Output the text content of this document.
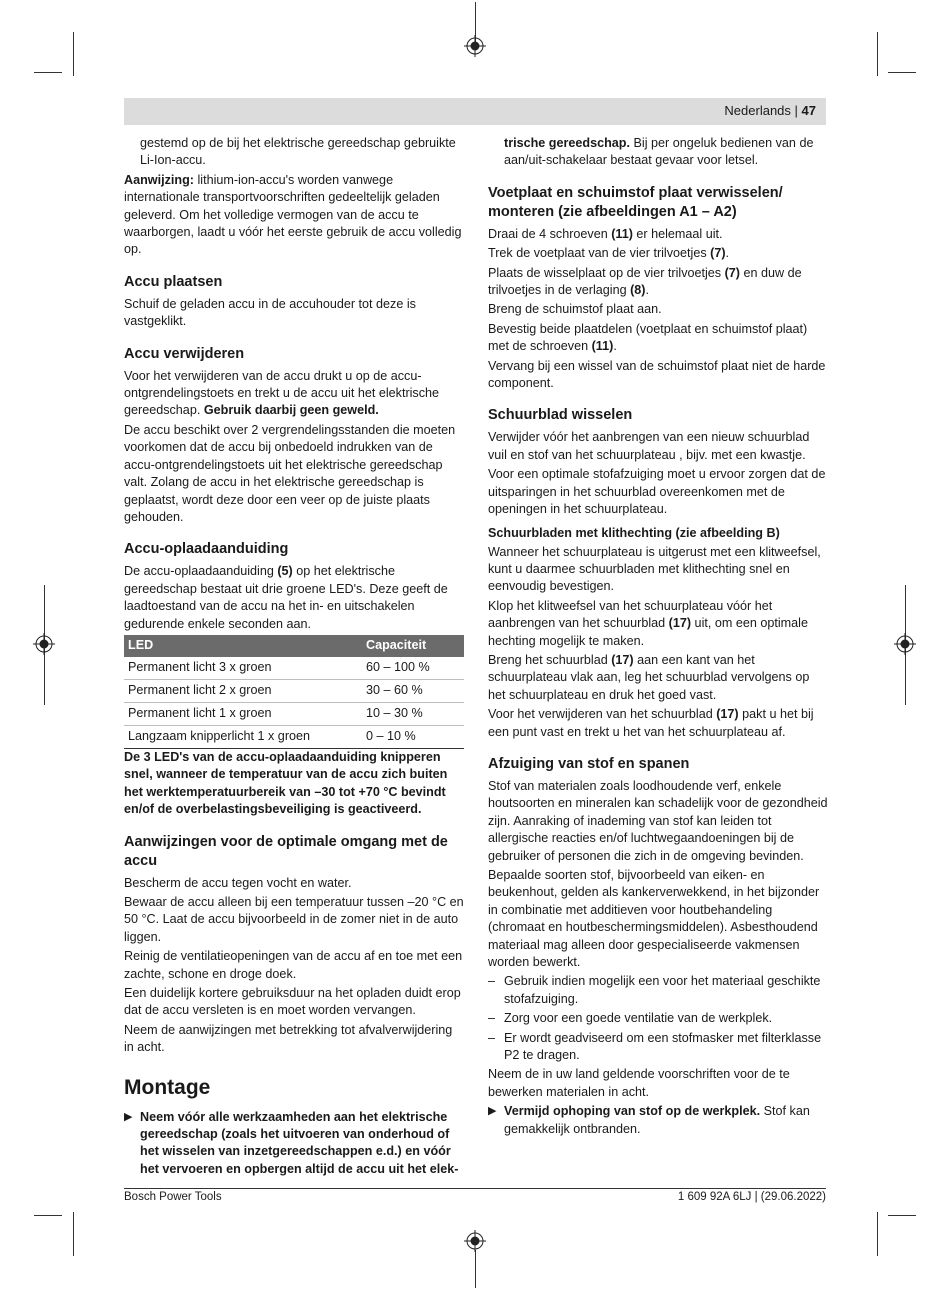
Nederlands | 47

gestemd op de bij het elektrische gereedschap gebruikte Li-Ion-accu.

Aanwijzing: lithium-ion-accu's worden vanwege internationale transportvoorschriften gedeeltelijk geladen geleverd. Om het volledige vermogen van de accu te waarborgen, laadt u vóór het eerste gebruik de accu volledig op.

Accu plaatsen

Schuif de geladen accu in de accuhouder tot deze is vastgeklikt.

Accu verwijderen

Voor het verwijderen van de accu drukt u op de accu-ontgrendelingstoets en trekt u de accu uit het elektrische gereedschap. Gebruik daarbij geen geweld.

De accu beschikt over 2 vergrendelingsstanden die moeten voorkomen dat de accu bij onbedoeld indrukken van de accu-ontgrendelingstoets uit het elektrische gereedschap valt. Zolang de accu in het elektrische gereedschap is geplaatst, wordt deze door een veer op de juiste plaats gehouden.

Accu-oplaadaanduiding

De accu-oplaadaanduiding (5) op het elektrische gereedschap bestaat uit drie groene LED's. Deze geeft de laadtoestand van de accu na het in- en uitschakelen gedurende enkele seconden aan.

LED	Capaciteit
Permanent licht 3 x groen	60 – 100 %
Permanent licht 2 x groen	30 – 60 %
Permanent licht 1 x groen	10 – 30 %
Langzaam knipperlicht 1 x groen	0 – 10 %

De 3 LED's van de accu-oplaadaanduiding knipperen snel, wanneer de temperatuur van de accu zich buiten het werktemperatuurbereik van –30 tot +70 °C bevindt en/of de overbelastingsbeveiliging is geactiveerd.

Aanwijzingen voor de optimale omgang met de accu

Bescherm de accu tegen vocht en water.

Bewaar de accu alleen bij een temperatuur tussen –20 °C en 50 °C. Laat de accu bijvoorbeeld in de zomer niet in de auto liggen.

Reinig de ventilatieopeningen van de accu af en toe met een zachte, schone en droge doek.

Een duidelijk kortere gebruiksduur na het opladen duidt erop dat de accu versleten is en moet worden vervangen.

Neem de aanwijzingen met betrekking tot afvalverwijdering in acht.

Montage

▶ Neem vóór alle werkzaamheden aan het elektrische gereedschap (zoals het uitvoeren van onderhoud of het wisselen van inzetgereedschappen e.d.) en vóór het vervoeren en opbergen altijd de accu uit het elek-

trische gereedschap. Bij per ongeluk bedienen van de aan/uit-schakelaar bestaat gevaar voor letsel.

Voetplaat en schuimstof plaat verwisselen/ monteren (zie afbeeldingen A1 – A2)

Draai de 4 schroeven (11) er helemaal uit.

Trek de voetplaat van de vier trilvoetjes (7).

Plaats de wisselplaat op de vier trilvoetjes (7) en duw de trilvoetjes in de verlaging (8).

Breng de schuimstof plaat aan.

Bevestig beide plaatdelen (voetplaat en schuimstof plaat) met de schroeven (11).

Vervang bij een wissel van de schuimstof plaat niet de harde component.

Schuurblad wisselen

Verwijder vóór het aanbrengen van een nieuw schuurblad vuil en stof van het schuurplateau , bijv. met een kwastje.

Voor een optimale stofafzuiging moet u ervoor zorgen dat de uitsparingen in het schuurblad overeenkomen met de openingen in het schuurplateau.

Schuurbladen met klithechting (zie afbeelding B)

Wanneer het schuurplateau is uitgerust met een klitweefsel, kunt u daarmee schuurbladen met klithechting snel en eenvoudig bevestigen.

Klop het klitweefsel van het schuurplateau vóór het aanbrengen van het schuurblad (17) uit, om een optimale hechting mogelijk te maken.

Breng het schuurblad (17) aan een kant van het schuurplateau vlak aan, leg het schuurblad vervolgens op het schuurplateau en druk het goed vast.

Voor het verwijderen van het schuurblad (17) pakt u het bij een punt vast en trekt u het van het schuurplateau af.

Afzuiging van stof en spanen

Stof van materialen zoals loodhoudende verf, enkele houtsoorten en mineralen kan schadelijk voor de gezondheid zijn. Aanraking of inademing van stof kan leiden tot allergische reacties en/of luchtwegaandoeningen bij de gebruiker of personen die zich in de omgeving bevinden.

Bepaalde soorten stof, bijvoorbeeld van eiken- en beukenhout, gelden als kankerverwekkend, in het bijzonder in combinatie met additieven voor houtbehandeling (chromaat en houtbeschermingsmiddelen). Asbesthoudend materiaal mag alleen door gespecialiseerde vakmensen worden bewerkt.

– Gebruik indien mogelijk een voor het materiaal geschikte stofafzuiging.

– Zorg voor een goede ventilatie van de werkplek.

– Er wordt geadviseerd om een stofmasker met filterklasse P2 te dragen.

Neem de in uw land geldende voorschriften voor de te bewerken materialen in acht.

▶ Vermijd ophoping van stof op de werkplek. Stof kan gemakkelijk ontbranden.

Bosch Power Tools	1 609 92A 6LJ | (29.06.2022)
